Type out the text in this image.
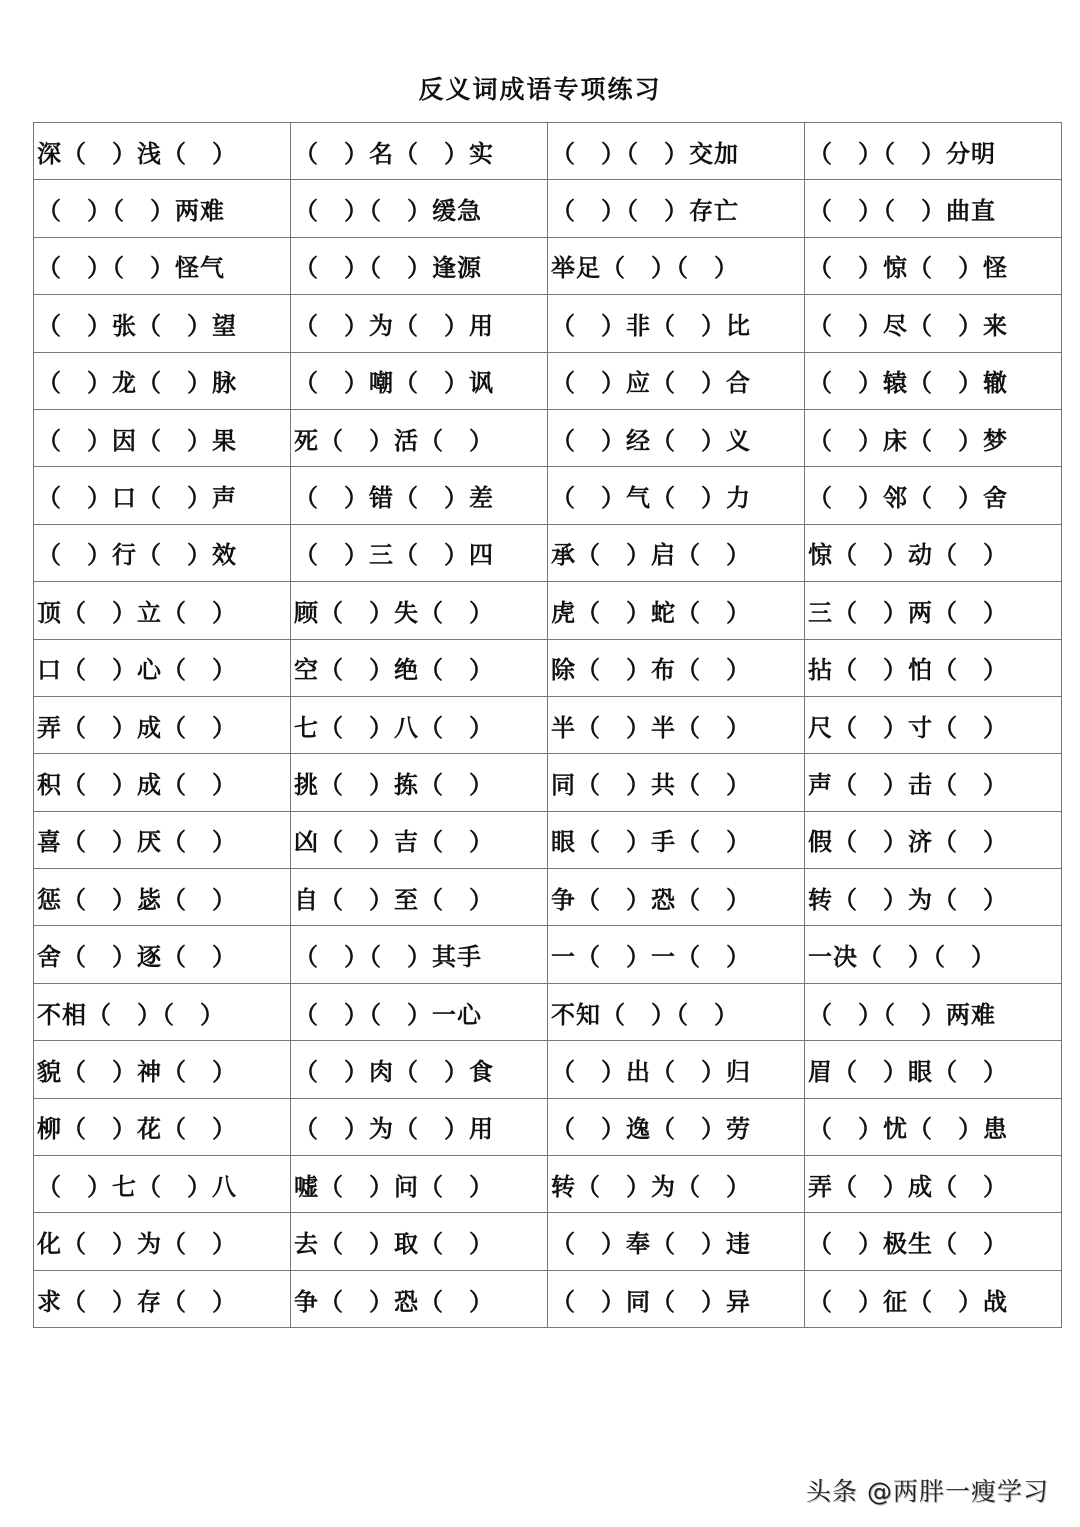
反义词成语专项练习
深（　）浅（　）	（　）名（　）实	（　）（　）交加	（　）（　）分明
（　）（　）两难	（　）（　）缓急	（　）（　）存亡	（　）（　）曲直
（　）（　）怪气	（　）（　）逢源	举足（　）（　）	（　）惊（　）怪
（　）张（　）望	（　）为（　）用	（　）非（　）比	（　）尽（　）来
（　）龙（　）脉	（　）嘲（　）讽	（　）应（　）合	（　）辕（　）辙
（　）因（　）果	死（　）活（　）	（　）经（　）义	（　）床（　）梦
（　）口（　）声	（　）错（　）差	（　）气（　）力	（　）邻（　）舍
（　）行（　）效	（　）三（　）四	承（　）启（　）	惊（　）动（　）
顶（　）立（　）	顾（　）失（　）	虎（　）蛇（　）	三（　）两（　）
口（　）心（　）	空（　）绝（　）	除（　）布（　）	拈（　）怕（　）
弄（　）成（　）	七（　）八（　）	半（　）半（　）	尺（　）寸（　）
积（　）成（　）	挑（　）拣（　）	同（　）共（　）	声（　）击（　）
喜（　）厌（　）	凶（　）吉（　）	眼（　）手（　）	假（　）济（　）
惩（　）毖（　）	自（　）至（　）	争（　）恐（　）	转（　）为（　）
舍（　）逐（　）	（　）（　）其手	一（　）一（　）	一决（　）（　）
不相（　）（　）	（　）（　）一心	不知（　）（　）	（　）（　）两难
貌（　）神（　）	（　）肉（　）食	（　）出（　）归	眉（　）眼（　）
柳（　）花（　）	（　）为（　）用	（　）逸（　）劳	（　）忧（　）患
（　）七（　）八	嘘（　）问（　）	转（　）为（　）	弄（　）成（　）
化（　）为（　）	去（　）取（　）	（　）奉（　）违	（　）极生（　）
求（　）存（　）	争（　）恐（　）	（　）同（　）异	（　）征（　）战
头条 @两胖一瘦学习
